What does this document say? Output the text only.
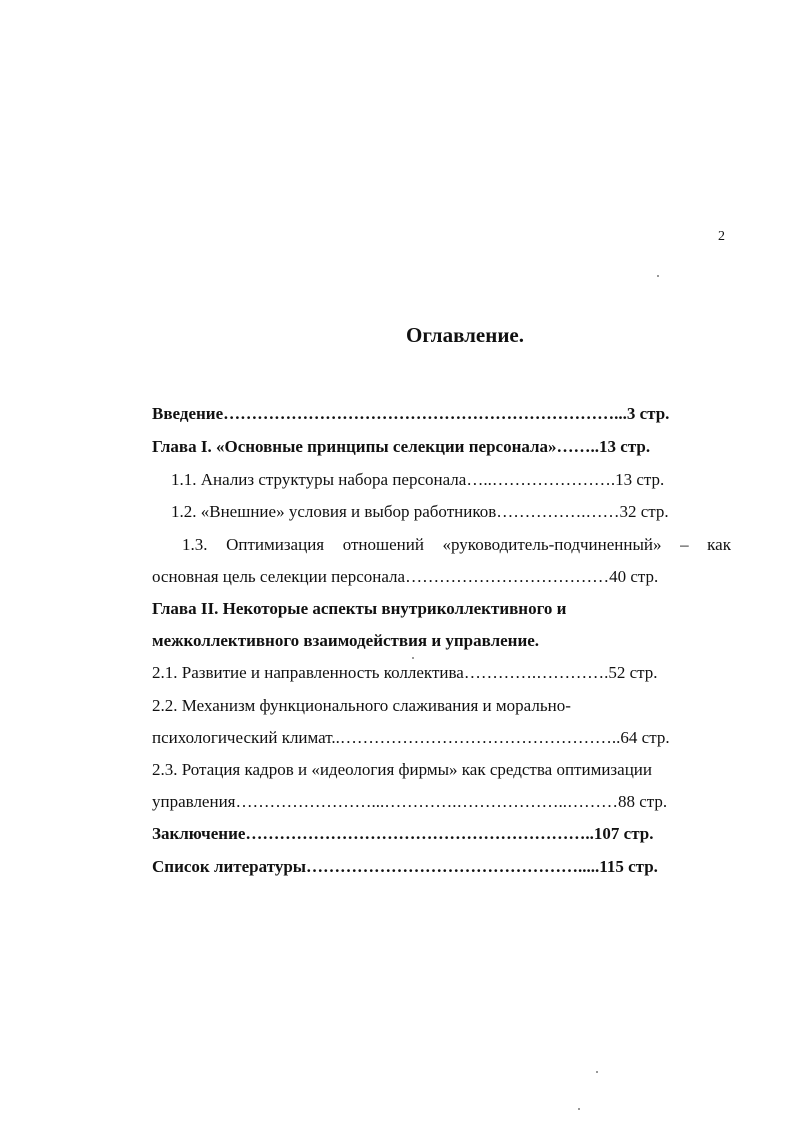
2
Оглавление.
Введение……………………………………………………………...3 стр.
Глава I. «Основные принципы селекции персонала»……..13 стр.
1.1. Анализ структуры набора персонала…..………………….13 стр.
1.2. «Внешние» условия и выбор работников…………….……32 стр.
1.3. Оптимизация отношений «руководитель-подчиненный» – как
основная цель селекции персонала………………………………40 стр.
Глава II. Некоторые аспекты внутриколлективного и
межколлективного взаимодействия и управление.
2.1. Развитие и направленность коллектива………….………….52 стр.
2.2. Механизм функционального слаживания и морально-
психологический климат..…………………………………………..64 стр.
2.3. Ротация кадров и «идеология фирмы» как средства оптимизации
управления……………………...………….………………..………88 стр.
Заключение……………………………………………………..107 стр.
Список литературы………………………………………….....115 стр.
